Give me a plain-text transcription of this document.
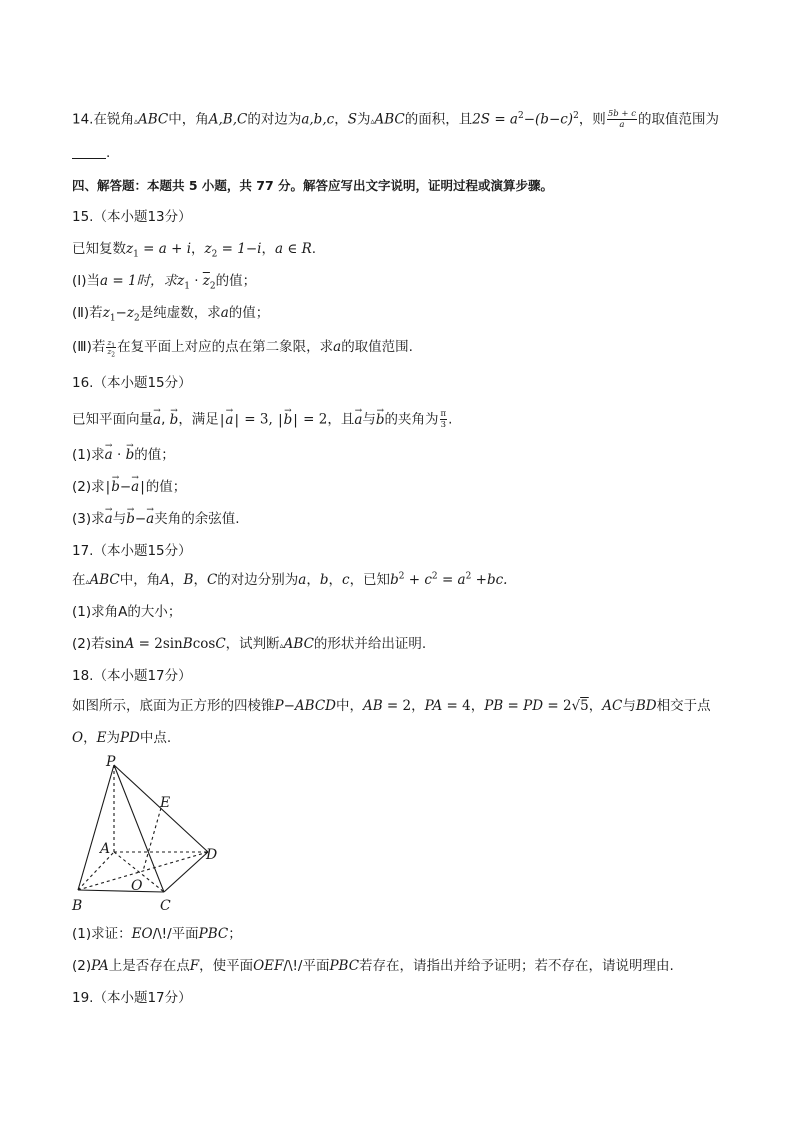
14.在锐角▵ABC中，角A,B,C的对边为a,b,c，S为▵ABC的面积，且$2S = a^2-(b-c)^2$，则 $\frac{5b + c}{a}$ 的取值范围为
.
四、解答题：本题共 5 小题，共 77 分。解答应写出文字说明，证明过程或演算步骤。
15.（本小题13分）
已知复数$z_1 = a + i$，$z_2 = 1-i$，a ∈ R.
(Ⅰ)当a = 1时，求$z_1 \cdot \overline{z}_2$的值；
(Ⅱ)若$z_1-z_2$是纯虚数，求a的值；
(Ⅲ)若 $\frac{z_1}{z_2}$ 在复平面上对应的点在第二象限，求a的取值范围.
16.（本小题15分）
已知平面向量→ a, → b，满足|→ a| = 3, |→ b| = 2，且→ a与→ b的夹角为 $\frac{\pi}{3}$ .
(1)求→ a · → b的值；
(2)求|→ b−→ a|的值；
(3)求→ a与→ b−→ a夹角的余弦值.
17.（本小题15分）
在▵ABC中，角A，B，C的对边分别为a，b，c，已知$b^2 + c^2 = a^2 +bc$.
(1)求角A的大小；
(2)若sinA = 2sinBcosC，试判断▵ABC的形状并给出证明.
18.（本小题17分）
如图所示，底面为正方形的四棱锥P−ABCD中，AB = 2，PA = 4，PB = PD = 2√5，AC与BD相交于点
O，E为PD中点.
P
E
A	D
O
B	C
(1)求证：EO/\!/平面PBC；
(2)PA上是否存在点F，使平面OEF/\!/平面PBC若存在，请指出并给予证明；若不存在，请说明理由.
19.（本小题17分）
